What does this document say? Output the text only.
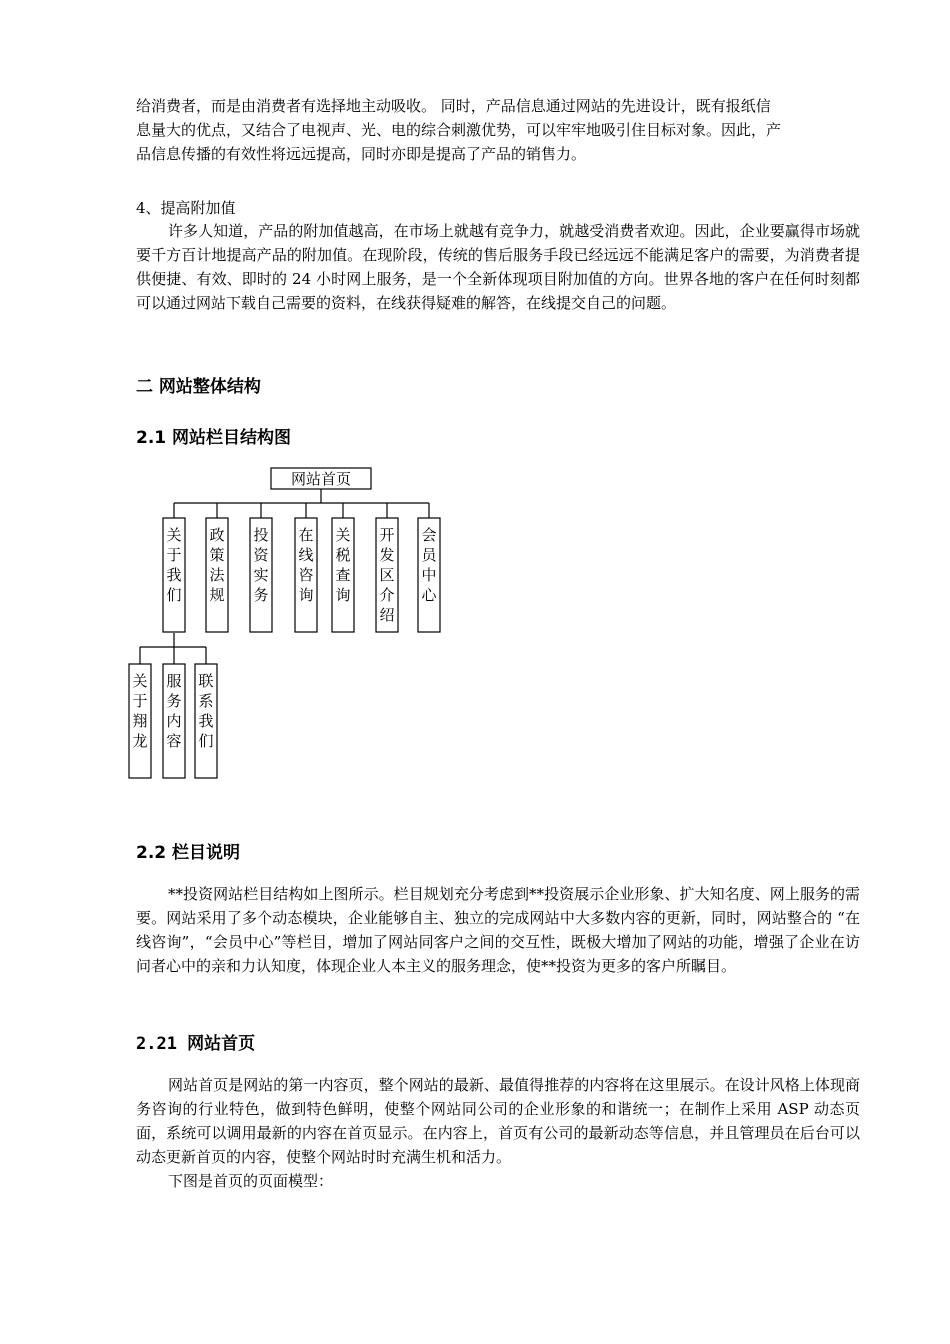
给消费者，而是由消费者有选择地主动吸收。 同时，产品信息通过网站的先进设计，既有报纸信

息量大的优点，又结合了电视声、光、电的综合刺激优势，可以牢牢地吸引住目标对象。因此，产

品信息传播的有效性将远远提高，同时亦即是提高了产品的销售力。

4、提高附加值

许多人知道，产品的附加值越高，在市场上就越有竞争力，就越受消费者欢迎。因此，企业要赢得市场就要千方百计地提高产品的附加值。在现阶段，传统的售后服务手段已经远远不能满足客户的需要，为消费者提供便捷、有效、即时的 24 小时网上服务，是一个全新体现项目附加值的方向。世界各地的客户在任何时刻都可以通过网站下载自己需要的资料，在线获得疑难的解答，在线提交自己的问题。

二 网站整体结构
2.1 网站栏目结构图
网站首页
关
于
我
们
政
策
法
规
投
资
实
务
在
线
咨
询
关
税
查
询
开
发
区
介
绍
会
员
中
心
关
于
翔
龙
服
务
内
容
联
系
我
们
2.2 栏目说明

**投资网站栏目结构如上图所示。栏目规划充分考虑到**投资展示企业形象、扩大知名度、网上服务的需要。网站采用了多个动态模块，企业能够自主、独立的完成网站中大多数内容的更新，同时，网站整合的 “在线咨询”，“会员中心”等栏目，增加了网站同客户之间的交互性，既极大增加了网站的功能，增强了企业在访问者心中的亲和力认知度，体现企业人本主义的服务理念，使**投资为更多的客户所瞩目。

2.21 网站首页

网站首页是网站的第一内容页，整个网站的最新、最值得推荐的内容将在这里展示。在设计风格上体现商务咨询的行业特色，做到特色鲜明，使整个网站同公司的企业形象的和谐统一；在制作上采用 ASP 动态页面，系统可以调用最新的内容在首页显示。在内容上，首页有公司的最新动态等信息，并且管理员在后台可以动态更新首页的内容，使整个网站时时充满生机和活力。

下图是首页的页面模型：
